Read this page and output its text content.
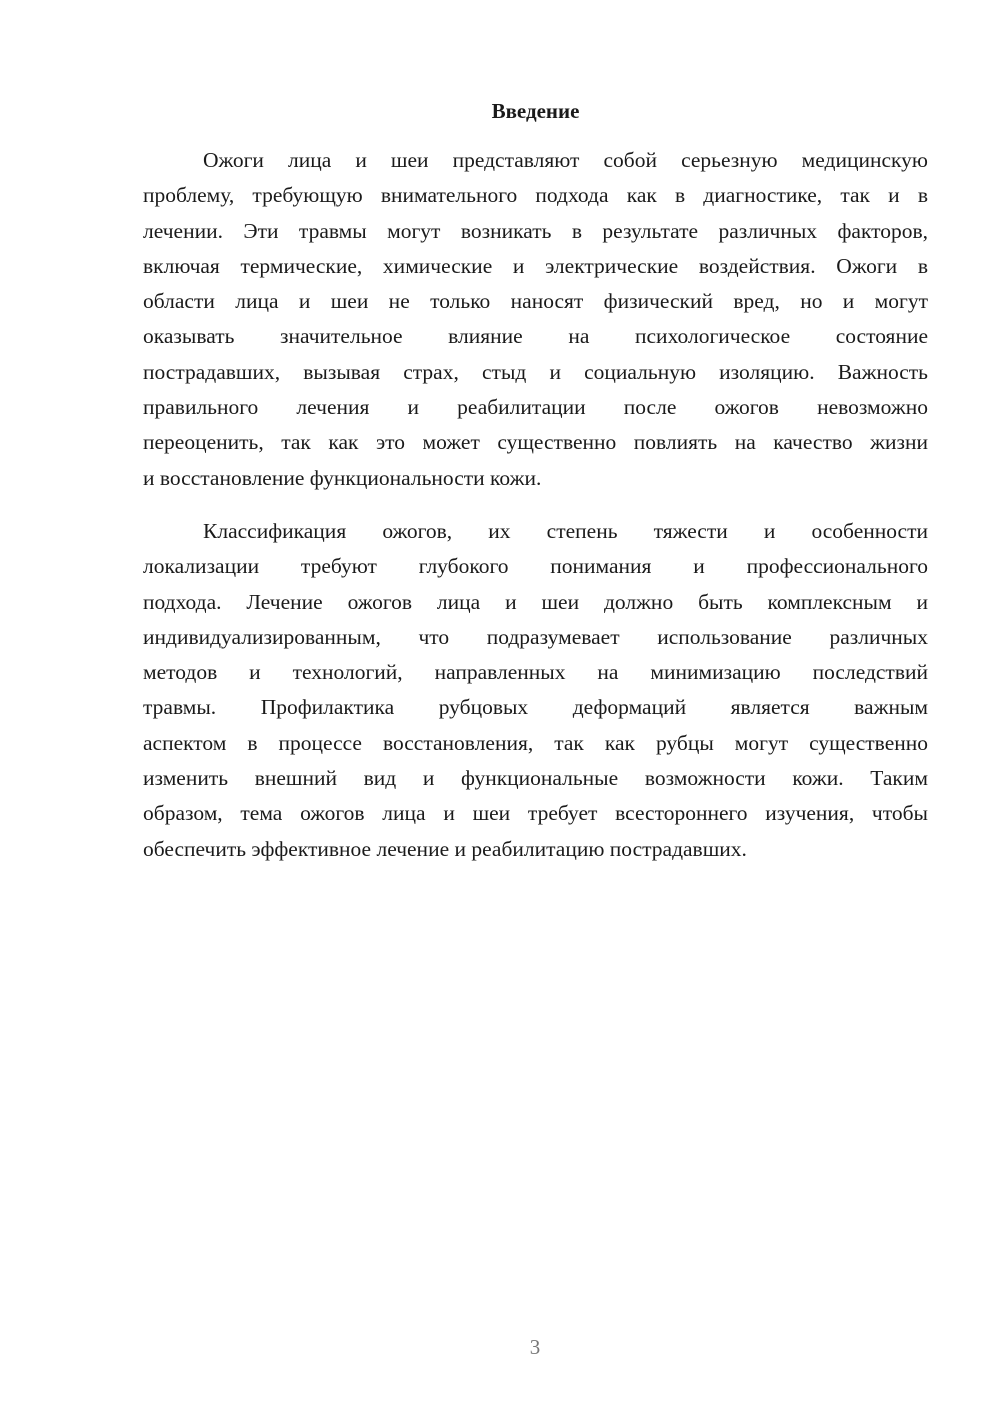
Введение

Ожоги лица и шеи представляют собой серьезную медицинскую
проблему, требующую внимательного подхода как в диагностике, так и в
лечении. Эти травмы могут возникать в результате различных факторов,
включая термические, химические и электрические воздействия. Ожоги в
области лица и шеи не только наносят физический вред, но и могут
оказывать значительное влияние на психологическое состояние
пострадавших, вызывая страх, стыд и социальную изоляцию. Важность
правильного лечения и реабилитации после ожогов невозможно
переоценить, так как это может существенно повлиять на качество жизни
и восстановление функциональности кожи.

Классификация ожогов, их степень тяжести и особенности
локализации требуют глубокого понимания и профессионального
подхода. Лечение ожогов лица и шеи должно быть комплексным и
индивидуализированным, что подразумевает использование различных
методов и технологий, направленных на минимизацию последствий
травмы. Профилактика рубцовых деформаций является важным
аспектом в процессе восстановления, так как рубцы могут существенно
изменить внешний вид и функциональные возможности кожи. Таким
образом, тема ожогов лица и шеи требует всестороннего изучения, чтобы
обеспечить эффективное лечение и реабилитацию пострадавших.

3
